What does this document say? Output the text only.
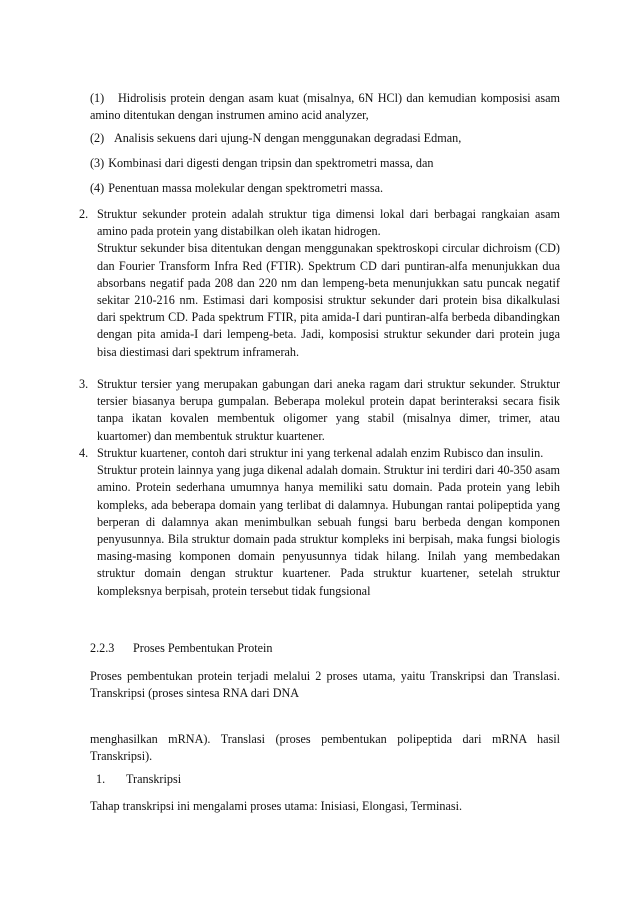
(1) Hidrolisis protein dengan asam kuat (misalnya, 6N HCl) dan kemudian komposisi asam amino ditentukan dengan instrumen amino acid analyzer,

(2) Analisis sekuens dari ujung-N dengan menggunakan degradasi Edman,

(3) Kombinasi dari digesti dengan tripsin dan spektrometri massa, dan

(4) Penentuan massa molekular dengan spektrometri massa.

2. Struktur sekunder protein adalah struktur tiga dimensi lokal dari berbagai rangkaian asam amino pada protein yang distabilkan oleh ikatan hidrogen.

Struktur sekunder bisa ditentukan dengan menggunakan spektroskopi circular dichroism (CD) dan Fourier Transform Infra Red (FTIR). Spektrum CD dari puntiran-alfa menunjukkan dua absorbans negatif pada 208 dan 220 nm dan lempeng-beta menunjukkan satu puncak negatif sekitar 210-216 nm. Estimasi dari komposisi struktur sekunder dari protein bisa dikalkulasi dari spektrum CD. Pada spektrum FTIR, pita amida-I dari puntiran-alfa berbeda dibandingkan dengan pita amida-I dari lempeng-beta. Jadi, komposisi struktur sekunder dari protein juga bisa diestimasi dari spektrum inframerah.

3. Struktur tersier yang merupakan gabungan dari aneka ragam dari struktur sekunder. Struktur tersier biasanya berupa gumpalan. Beberapa molekul protein dapat berinteraksi secara fisik tanpa ikatan kovalen membentuk oligomer yang stabil (misalnya dimer, trimer, atau kuartomer) dan membentuk struktur kuartener.

4. Struktur kuartener, contoh dari struktur ini yang terkenal adalah enzim Rubisco dan insulin.

Struktur protein lainnya yang juga dikenal adalah domain. Struktur ini terdiri dari 40-350 asam amino. Protein sederhana umumnya hanya memiliki satu domain. Pada protein yang lebih kompleks, ada beberapa domain yang terlibat di dalamnya. Hubungan rantai polipeptida yang berperan di dalamnya akan menimbulkan sebuah fungsi baru berbeda dengan komponen penyusunnya. Bila struktur domain pada struktur kompleks ini berpisah, maka fungsi biologis masing-masing komponen domain penyusunnya tidak hilang. Inilah yang membedakan struktur domain dengan struktur kuartener. Pada struktur kuartener, setelah struktur kompleksnya berpisah, protein tersebut tidak fungsional

2.2.3 Proses Pembentukan Protein

Proses pembentukan protein terjadi melalui 2 proses utama, yaitu Transkripsi dan Translasi. Transkripsi (proses sintesa RNA dari DNA

menghasilkan mRNA). Translasi (proses pembentukan polipeptida dari mRNA hasil Transkripsi).

1. Transkripsi

Tahap transkripsi ini mengalami proses utama: Inisiasi, Elongasi, Terminasi.
